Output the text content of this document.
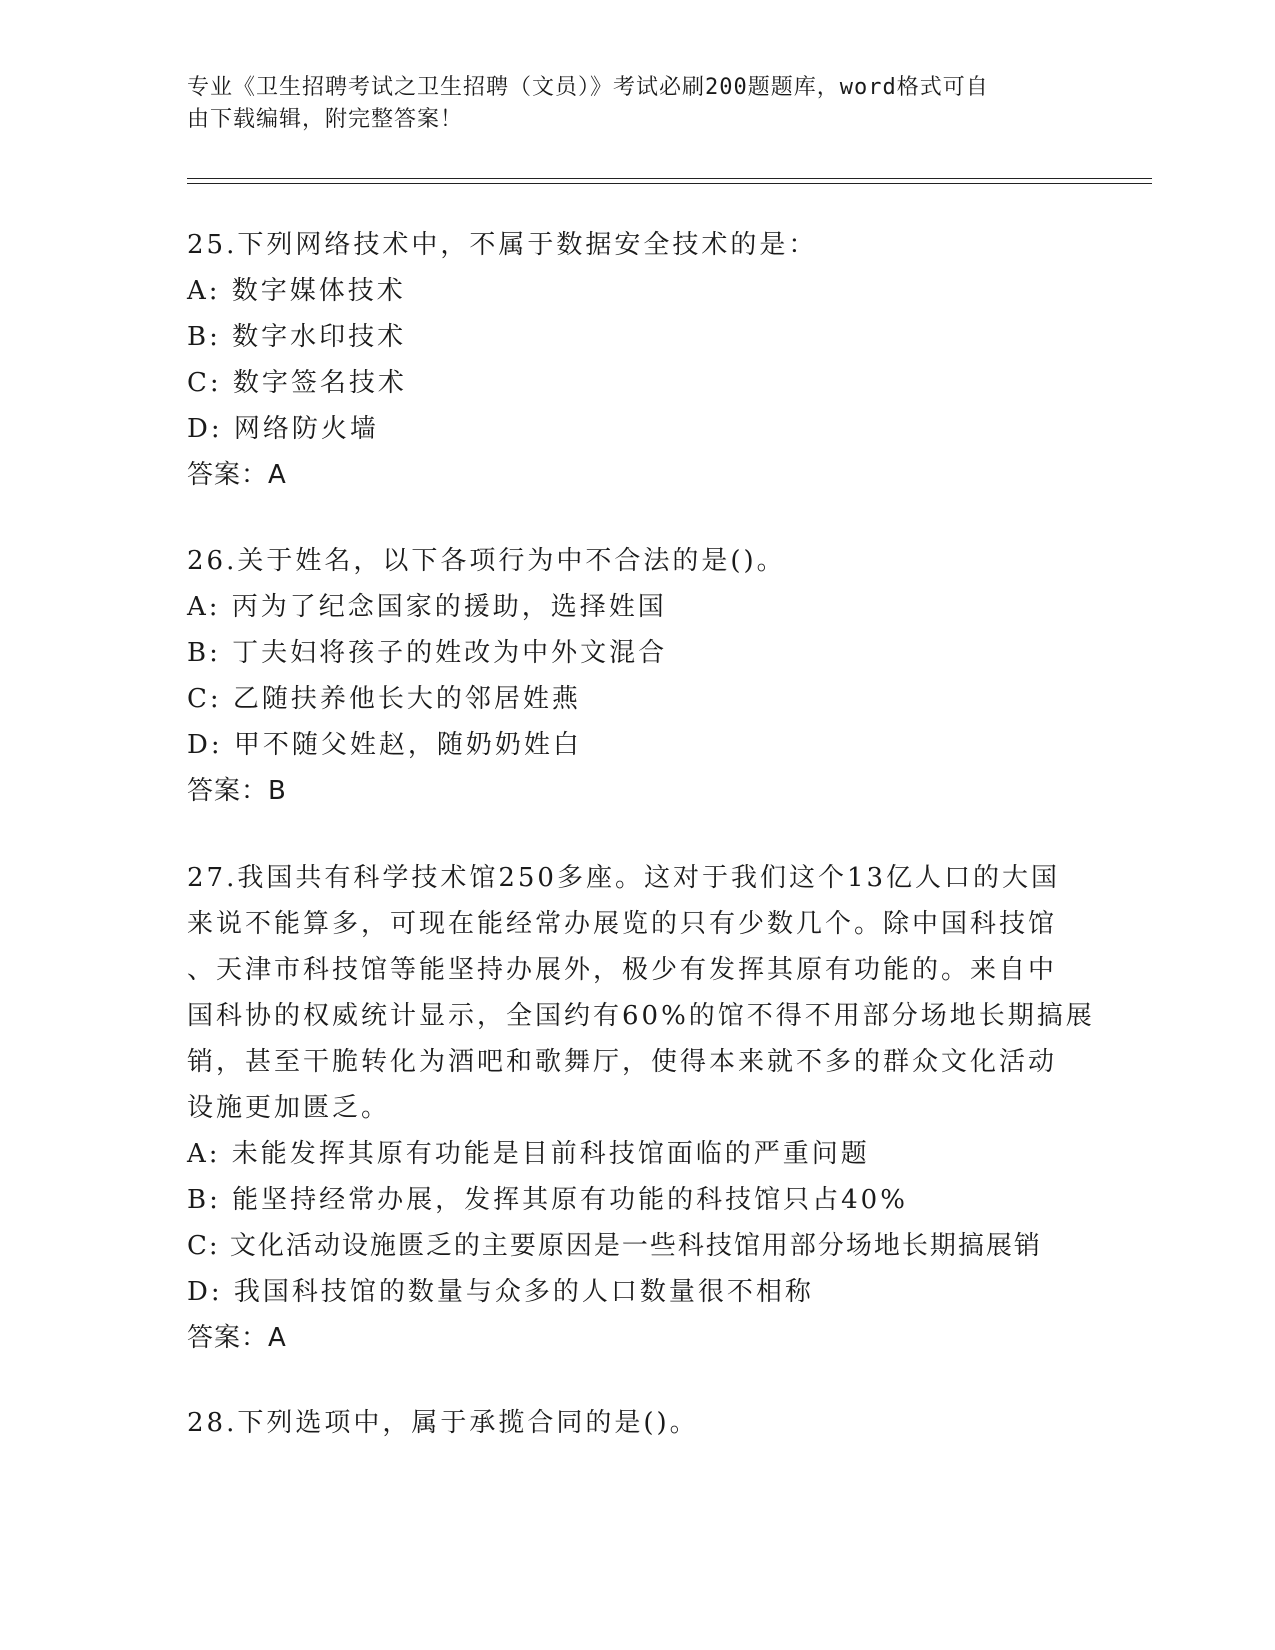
专业《卫生招聘考试之卫生招聘（文员）》考试必刷200题题库，word格式可自
由下载编辑，附完整答案！
25.下列网络技术中，不属于数据安全技术的是：
A: 数字媒体技术
B: 数字水印技术
C: 数字签名技术
D: 网络防火墙
答案：A
26.关于姓名，以下各项行为中不合法的是()。
A: 丙为了纪念国家的援助，选择姓国
B: 丁夫妇将孩子的姓改为中外文混合
C: 乙随扶养他长大的邻居姓燕
D: 甲不随父姓赵，随奶奶姓白
答案：B
27.我国共有科学技术馆250多座。这对于我们这个13亿人口的大国
来说不能算多，可现在能经常办展览的只有少数几个。除中国科技馆
、天津市科技馆等能坚持办展外，极少有发挥其原有功能的。来自中
国科协的权威统计显示，全国约有60%的馆不得不用部分场地长期搞展
销，甚至干脆转化为酒吧和歌舞厅，使得本来就不多的群众文化活动
设施更加匮乏。
A: 未能发挥其原有功能是目前科技馆面临的严重问题
B: 能坚持经常办展，发挥其原有功能的科技馆只占40%
C: 文化活动设施匮乏的主要原因是一些科技馆用部分场地长期搞展销
D: 我国科技馆的数量与众多的人口数量很不相称
答案：A
28.下列选项中，属于承揽合同的是()。
